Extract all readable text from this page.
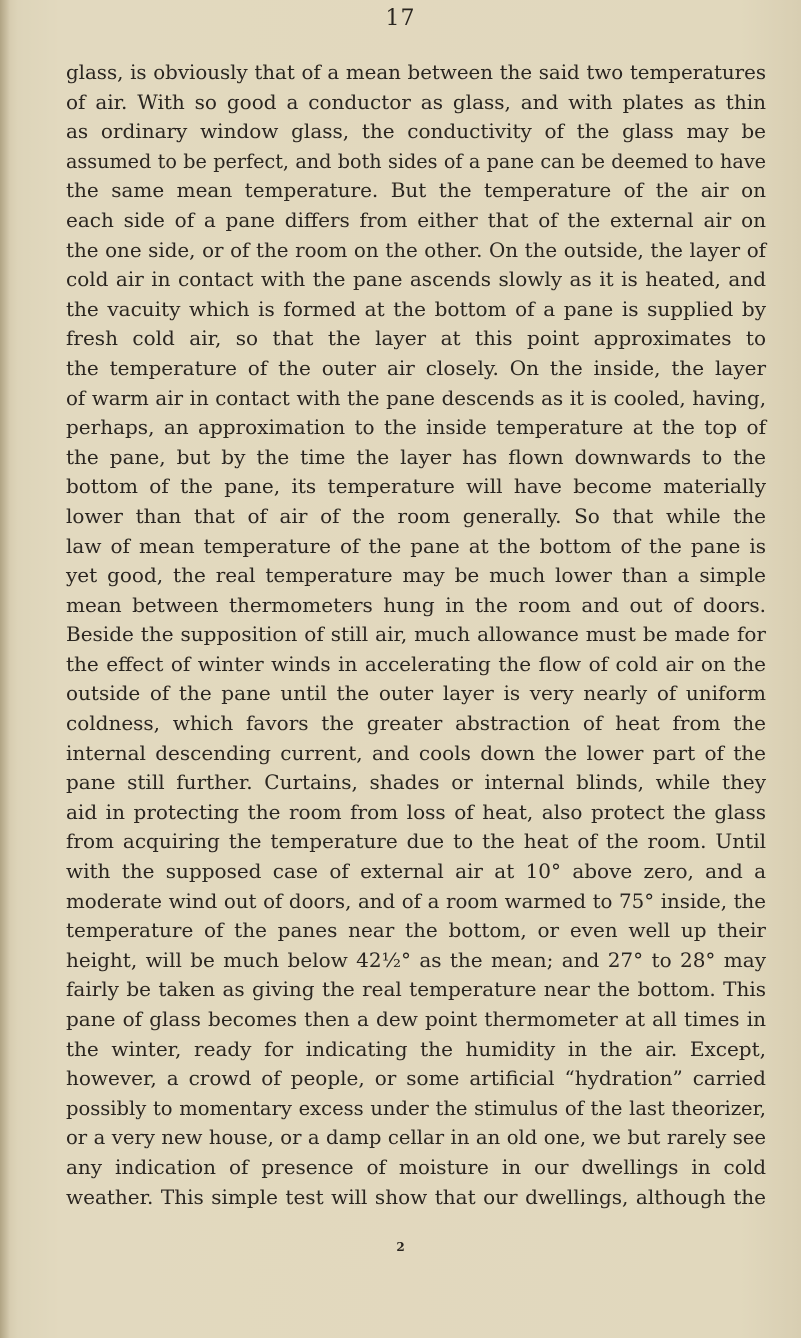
17
glass, is obviously that of a mean between the said two temperatures
of air. With so good a conductor as glass, and with plates as thin
as ordinary window glass, the conductivity of the glass may be
assumed to be perfect, and both sides of a pane can be deemed to have
the same mean temperature. But the temperature of the air on
each side of a pane differs from either that of the external air on
the one side, or of the room on the other. On the outside, the layer of
cold air in contact with the pane ascends slowly as it is heated, and
the vacuity which is formed at the bottom of a pane is supplied by
fresh cold air, so that the layer at this point approximates to
the temperature of the outer air closely. On the inside, the layer
of warm air in contact with the pane descends as it is cooled, having,
perhaps, an approximation to the inside temperature at the top of
the pane, but by the time the layer has flown downwards to the
bottom of the pane, its temperature will have become materially
lower than that of air of the room generally. So that while the
law of mean temperature of the pane at the bottom of the pane is
yet good, the real temperature may be much lower than a simple
mean between thermometers hung in the room and out of doors.
Beside the supposition of still air, much allowance must be made for
the effect of winter winds in accelerating the flow of cold air on the
outside of the pane until the outer layer is very nearly of uniform
coldness, which favors the greater abstraction of heat from the
internal descending current, and cools down the lower part of the
pane still further. Curtains, shades or internal blinds, while they
aid in protecting the room from loss of heat, also protect the glass
from acquiring the temperature due to the heat of the room. Until
with the supposed case of external air at 10° above zero, and a
moderate wind out of doors, and of a room warmed to 75° inside, the
temperature of the panes near the bottom, or even well up their
height, will be much below 42½° as the mean; and 27° to 28° may
fairly be taken as giving the real temperature near the bottom. This
pane of glass becomes then a dew point thermometer at all times in
the winter, ready for indicating the humidity in the air. Except,
however, a crowd of people, or some artificial “hydration” carried
possibly to momentary excess under the stimulus of the last theorizer,
or a very new house, or a damp cellar in an old one, we but rarely see
any indication of presence of moisture in our dwellings in cold
weather. This simple test will show that our dwellings, although the
2
